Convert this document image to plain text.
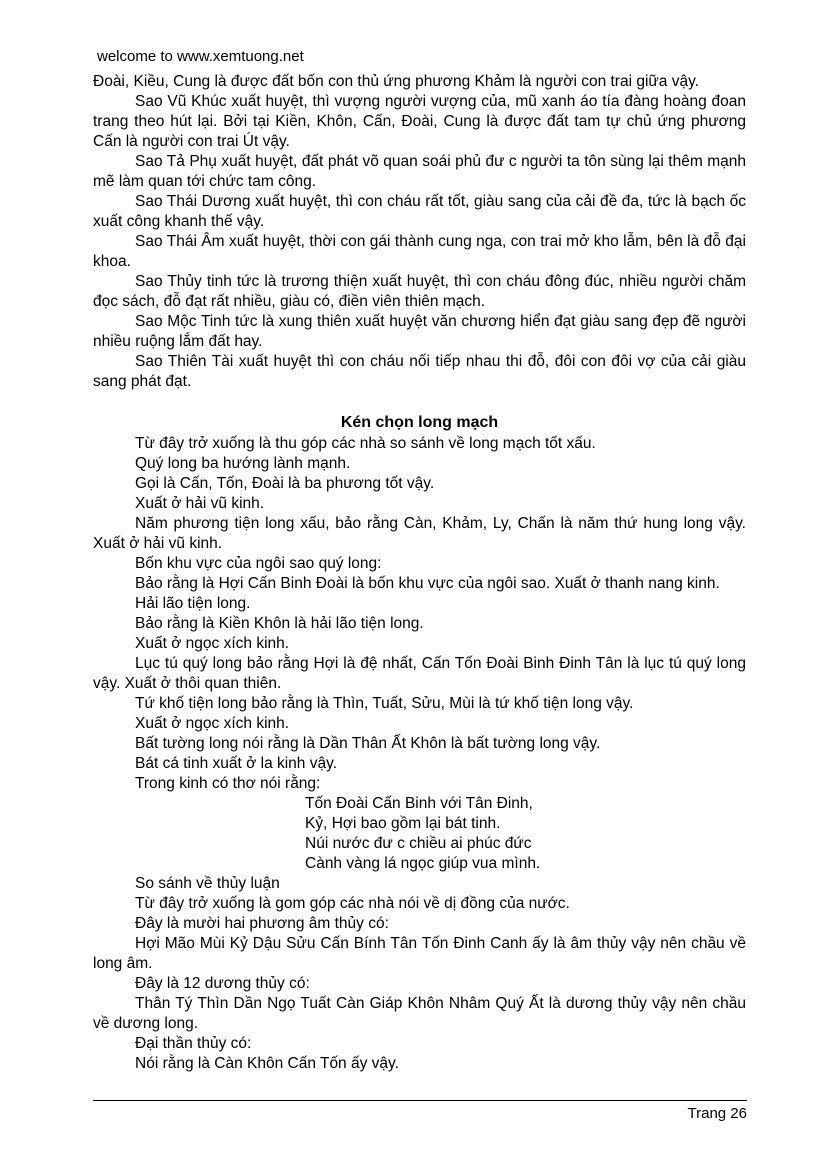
welcome to www.xemtuong.net

Đoài, Kiều, Cung là được đất bốn con thủ ứng phương Khảm là người con trai giữa vậy.

Sao Vũ Khúc xuất huyệt, thì vượng người vượng của, mũ xanh áo tía đàng hoàng đoan trang theo hút lại. Bởi tại Kiền, Khôn, Cấn, Đoài, Cung là được đất tam tự chủ ứng phương Cấn là người con trai Út vậy.

Sao Tả Phụ xuất huyệt, đất phát võ quan soái phủ đư c người ta tôn sùng lại thêm mạnh mẽ làm quan tới chức tam công.

Sao Thái Dương xuất huyệt, thì con cháu rất tốt, giàu sang của cải đề đa, tức là bạch ốc xuất công khanh thế vậy.

Sao Thái Âm xuất huyệt, thời con gái thành cung nga, con trai mở kho lẫm, bên là đỗ đại khoa.

Sao Thủy tinh tức là trương thiện xuất huyệt, thì con cháu đông đúc, nhiều người chăm đọc sách, đỗ đạt rất nhiều, giàu có, điền viên thiên mạch.

Sao Mộc Tinh tức là xung thiên xuất huyệt văn chương hiển đạt giàu sang đẹp đẽ người nhiều ruộng lắm đất hay.

Sao Thiên Tài xuất huyệt thì con cháu nối tiếp nhau thi đỗ, đôi con đôi vợ của cải giàu sang phát đạt.

Kén chọn long mạch

Từ đây trở xuống là thu góp các nhà so sánh về long mạch tốt xấu.

Quý long ba hướng lành mạnh.

Gọi là Cấn, Tốn, Đoài là ba phương tốt vậy.

Xuất ở hải vũ kinh.

Năm phương tiện long xấu, bảo rằng Càn, Khảm, Ly, Chấn là năm thứ hung long vậy. Xuất ở hải vũ kinh.

Bốn khu vực của ngôi sao quý long:

Bảo rằng là Hợi Cấn Binh Đoài là bốn khu vực của ngôi sao. Xuất ở thanh nang kinh.

Hải lão tiện long.

Bảo rằng là Kiền Khôn là hải lão tiện long.

Xuất ở ngọc xích kinh.

Lục tú quý long bảo rằng Hợi là đệ nhất, Cấn Tốn Đoài Binh Đinh Tân là lục tú quý long vậy. Xuất ở thôi quan thiên.

Tứ khố tiện long bảo rằng là Thìn, Tuất, Sửu, Mùi là tứ khố tiện long vậy.

Xuất ở ngọc xích kinh.

Bất tường long nói rằng là Dần Thân Ất Khôn là bất tường long vậy.

Bát cá tinh xuất ở la kinh vậy.

Trong kinh có thơ nói rằng:

Tốn Đoài Cấn Binh với Tân Đinh,
Kỷ, Hợi bao gồm lại bát tinh.
Núi nước đư c chiều ai phúc đức
Cành vàng lá ngọc giúp vua mình.

So sánh về thủy luận

Từ đây trở xuống là gom góp các nhà nói về dị đồng của nước.

Đây là mười hai phương âm thủy có:

Hợi Mão Mùi Kỷ Dậu Sửu Cấn Bính Tân Tốn Đinh Canh ấy là âm thủy vậy nên chầu về long âm.

Đây là 12 dương thủy có:

Thân Tý Thìn Dần Ngọ Tuất Càn Giáp Khôn Nhâm Quý Ất là dương thủy vậy nên chầu về dương long.

Đại thần thủy có:

Nói rằng là Càn Khôn Cấn Tốn ấy vậy.

Trang 26
